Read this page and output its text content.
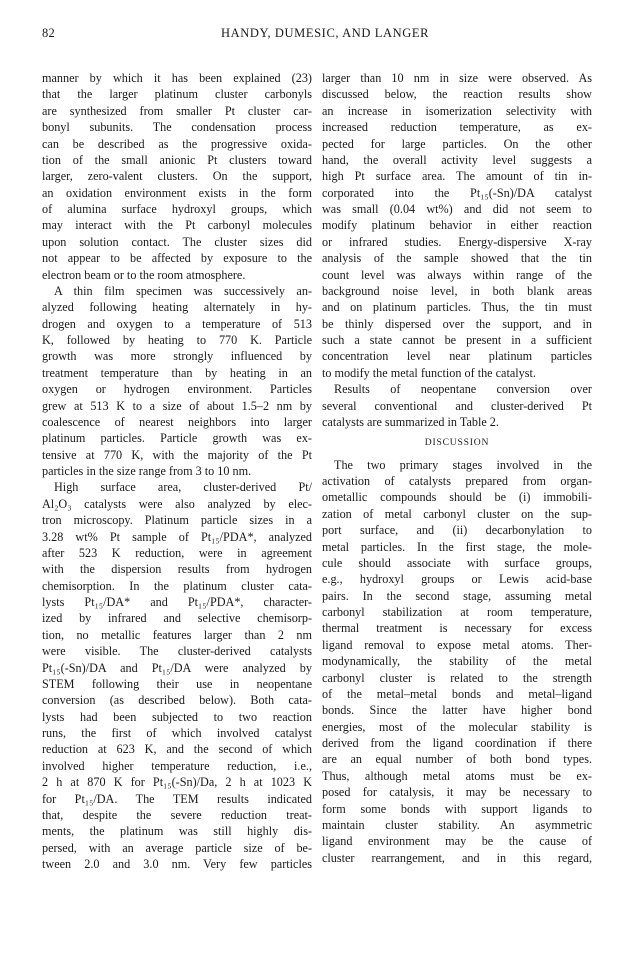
82	HANDY, DUMESIC, AND LANGER
manner by which it has been explained (23)
that the larger platinum cluster carbonyls
are synthesized from smaller Pt cluster car-
bonyl subunits. The condensation process
can be described as the progressive oxida-
tion of the small anionic Pt clusters toward
larger, zero-valent clusters. On the support,
an oxidation environment exists in the form
of alumina surface hydroxyl groups, which
may interact with the Pt carbonyl molecules
upon solution contact. The cluster sizes did
not appear to be affected by exposure to the
electron beam or to the room atmosphere.
A thin film specimen was successively an-
alyzed following heating alternately in hy-
drogen and oxygen to a temperature of 513
K, followed by heating to 770 K. Particle
growth was more strongly influenced by
treatment temperature than by heating in an
oxygen or hydrogen environment. Particles
grew at 513 K to a size of about 1.5–2 nm by
coalescence of nearest neighbors into larger
platinum particles. Particle growth was ex-
tensive at 770 K, with the majority of the Pt
particles in the size range from 3 to 10 nm.
High surface area, cluster-derived Pt/
Al₂O₃ catalysts were also analyzed by elec-
tron microscopy. Platinum particle sizes in a
3.28 wt% Pt sample of Pt₁₅/PDA*, analyzed
after 523 K reduction, were in agreement
with the dispersion results from hydrogen
chemisorption. In the platinum cluster cata-
lysts Pt₁₅/DA* and Pt₁₅/PDA*, character-
ized by infrared and selective chemisorp-
tion, no metallic features larger than 2 nm
were visible. The cluster-derived catalysts
Pt₁₅(-Sn)/DA and Pt₁₅/DA were analyzed by
STEM following their use in neopentane
conversion (as described below). Both cata-
lysts had been subjected to two reaction
runs, the first of which involved catalyst
reduction at 623 K, and the second of which
involved higher temperature reduction, i.e.,
2 h at 870 K for Pt₁₅(-Sn)/Da, 2 h at 1023 K
for Pt₁₅/DA. The TEM results indicated
that, despite the severe reduction treat-
ments, the platinum was still highly dis-
persed, with an average particle size of be-
tween 2.0 and 3.0 nm. Very few particles
larger than 10 nm in size were observed. As
discussed below, the reaction results show
an increase in isomerization selectivity with
increased reduction temperature, as ex-
pected for large particles. On the other
hand, the overall activity level suggests a
high Pt surface area. The amount of tin in-
corporated into the Pt₁₅(-Sn)/DA catalyst
was small (0.04 wt%) and did not seem to
modify platinum behavior in either reaction
or infrared studies. Energy-dispersive X-ray
analysis of the sample showed that the tin
count level was always within range of the
background noise level, in both blank areas
and on platinum particles. Thus, the tin must
be thinly dispersed over the support, and in
such a state cannot be present in a sufficient
concentration level near platinum particles
to modify the metal function of the catalyst.
Results of neopentane conversion over
several conventional and cluster-derived Pt
catalysts are summarized in Table 2.
DISCUSSION
The two primary stages involved in the
activation of catalysts prepared from organ-
ometallic compounds should be (i) immobili-
zation of metal carbonyl cluster on the sup-
port surface, and (ii) decarbonylation to
metal particles. In the first stage, the mole-
cule should associate with surface groups,
e.g., hydroxyl groups or Lewis acid-base
pairs. In the second stage, assuming metal
carbonyl stabilization at room temperature,
thermal treatment is necessary for excess
ligand removal to expose metal atoms. Ther-
modynamically, the stability of the metal
carbonyl cluster is related to the strength
of the metal–metal bonds and metal–ligand
bonds. Since the latter have higher bond
energies, most of the molecular stability is
derived from the ligand coordination if there
are an equal number of both bond types.
Thus, although metal atoms must be ex-
posed for catalysis, it may be necessary to
form some bonds with support ligands to
maintain cluster stability. An asymmetric
ligand environment may be the cause of
cluster rearrangement, and in this regard,
